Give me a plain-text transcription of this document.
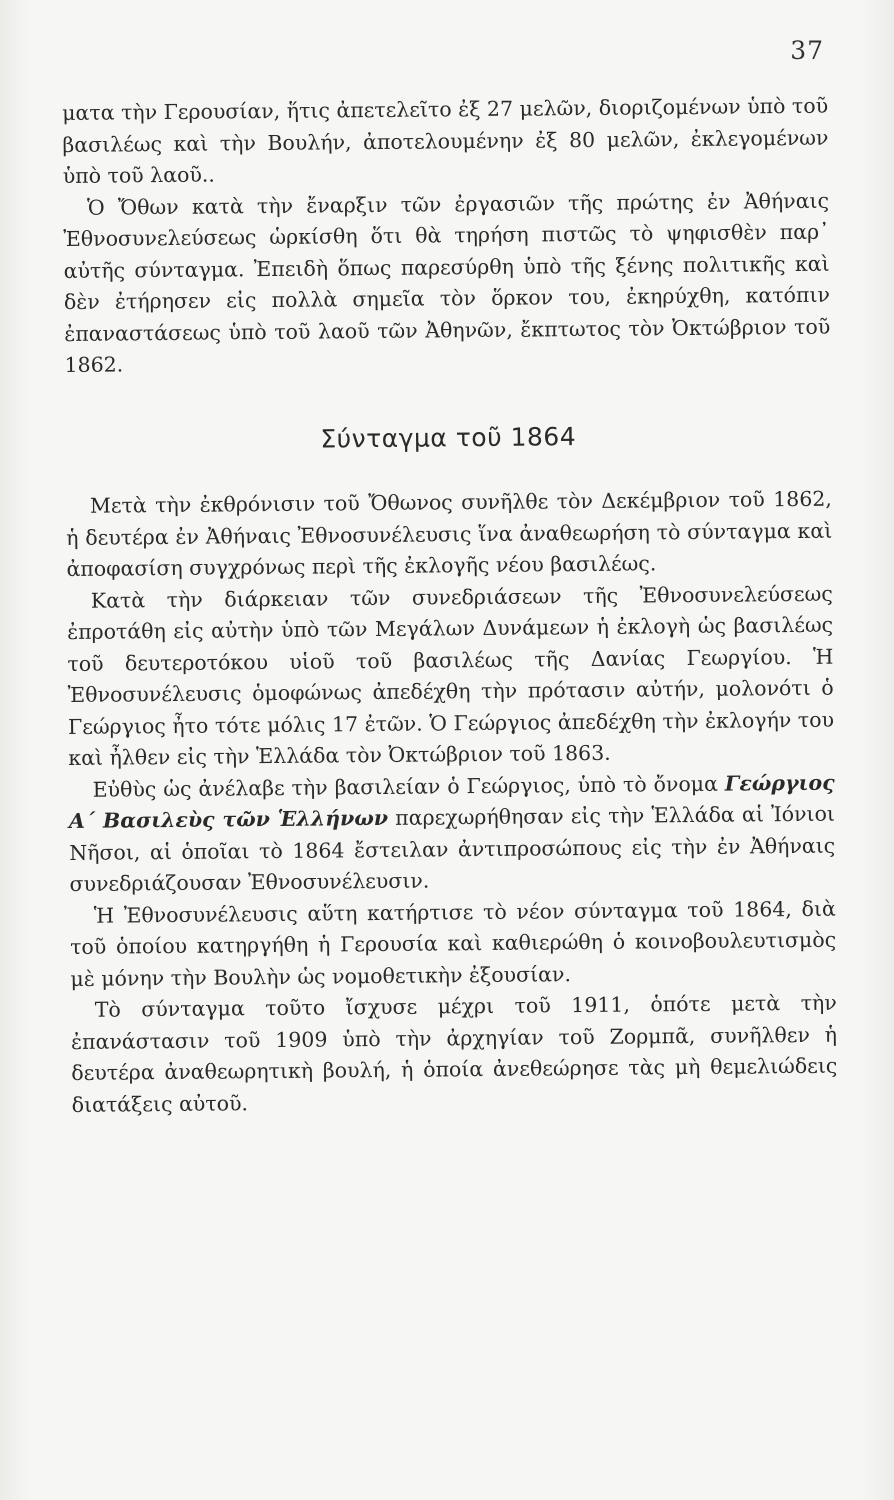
37

ματα τὴν Γερουσίαν, ἥτις ἀπετελεῖτο ἐξ 27 μελῶν, διοριζομένων ὑπὸ τοῦ βασιλέως καὶ τὴν Βουλήν, ἀποτελουμένην ἐξ 80 μελῶν, ἐκλεγομένων ὑπὸ τοῦ λαοῦ..

Ὁ Ὄθων κατὰ τὴν ἔναρξιν τῶν ἐργασιῶν τῆς πρώτης ἐν Ἀθήναις Ἐθνοσυνελεύσεως ὡρκίσθη ὅτι θὰ τηρήση πιστῶς τὸ ψηφισθὲν παρ᾽ αὐτῆς σύνταγμα. Ἐπειδὴ ὅπως παρεσύρθη ὑπὸ τῆς ξένης πολιτικῆς καὶ δὲν ἐτήρησεν εἰς πολλὰ σημεῖα τὸν ὅρκον του, ἐκηρύχθη, κατόπιν ἐπαναστάσεως ὑπὸ τοῦ λαοῦ τῶν Ἀθηνῶν, ἔκπτωτος τὸν Ὀκτώβριον τοῦ 1862.

Σύνταγμα τοῦ 1864

Μετὰ τὴν ἐκθρόνισιν τοῦ Ὄθωνος συνῆλθε τὸν Δεκέμβριον τοῦ 1862, ἡ δευτέρα ἐν Ἀθήναις Ἐθνοσυνέλευσις ἵνα ἀναθεωρήση τὸ σύνταγμα καὶ ἀποφασίση συγχρόνως περὶ τῆς ἐκλογῆς νέου βασιλέως.

Κατὰ τὴν διάρκειαν τῶν συνεδριάσεων τῆς Ἐθνοσυνελεύσεως ἐπροτάθη εἰς αὐτὴν ὑπὸ τῶν Μεγάλων Δυνάμεων ἡ ἐκλογὴ ὡς βασιλέως τοῦ δευτεροτόκου υἱοῦ τοῦ βασιλέως τῆς Δανίας Γεωργίου. Ἡ Ἐθνοσυνέλευσις ὁμοφώνως ἀπεδέχθη τὴν πρότασιν αὐτήν, μολονότι ὁ Γεώργιος ἦτο τότε μόλις 17 ἐτῶν. Ὁ Γεώργιος ἀπεδέχθη τὴν ἐκλογήν του καὶ ἦλθεν εἰς τὴν Ἑλλάδα τὸν Ὀκτώβριον τοῦ 1863.

Εὐθὺς ὡς ἀνέλαβε τὴν βασιλείαν ὁ Γεώργιος, ὑπὸ τὸ ὄνομα Γεώργιος Α´ Βασιλεὺς τῶν Ἑλλήνων παρεχωρήθησαν εἰς τὴν Ἑλλάδα αἱ Ἰόνιοι Νῆσοι, αἱ ὁποῖαι τὸ 1864 ἔστειλαν ἀντιπροσώπους εἰς τὴν ἐν Ἀθήναις συνεδριάζουσαν Ἐθνοσυνέλευσιν.

Ἡ Ἐθνοσυνέλευσις αὕτη κατήρτισε τὸ νέον σύνταγμα τοῦ 1864, διὰ τοῦ ὁποίου κατηργήθη ἡ Γερουσία καὶ καθιερώθη ὁ κοινοβουλευτισμὸς μὲ μόνην τὴν Βουλὴν ὡς νομοθετικὴν ἐξουσίαν.

Τὸ σύνταγμα τοῦτο ἴσχυσε μέχρι τοῦ 1911, ὁπότε μετὰ τὴν ἐπανάστασιν τοῦ 1909 ὑπὸ τὴν ἀρχηγίαν τοῦ Ζορμπᾶ, συνῆλθεν ἡ δευτέρα ἀναθεωρητικὴ βουλή, ἡ ὁποία ἀνεθεώρησε τὰς μὴ θεμελιώδεις διατάξεις αὐτοῦ.
